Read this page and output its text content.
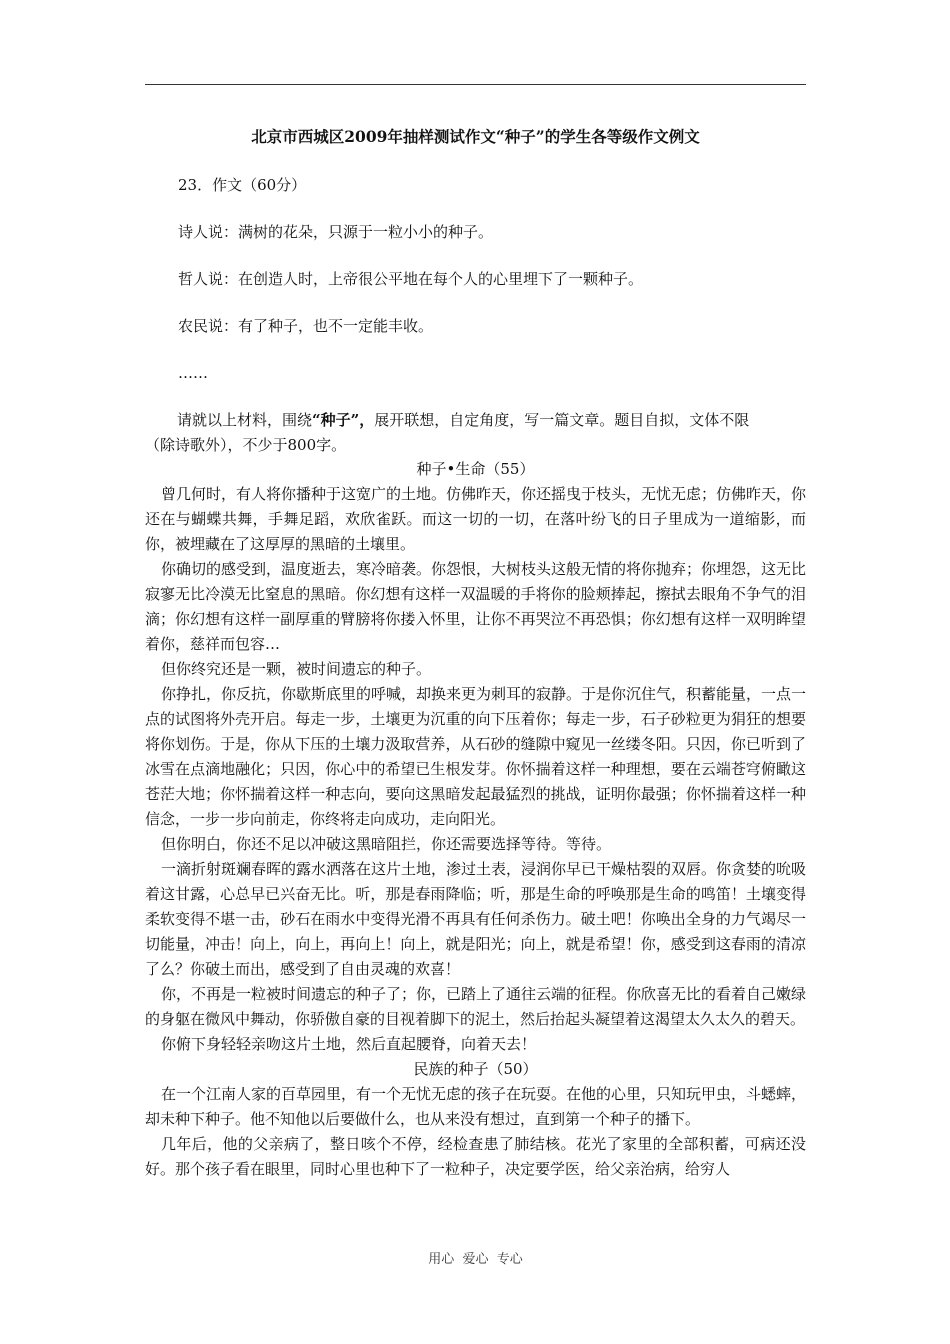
北京市西城区2009年抽样测试作文“种子”的学生各等级作文例文
23．作文（60分）
诗人说：满树的花朵，只源于一粒小小的种子。
哲人说：在创造人时，上帝很公平地在每个人的心里埋下了一颗种子。
农民说：有了种子，也不一定能丰收。
……

请就以上材料，围绕“种子”，展开联想，自定角度，写一篇文章。题目自拟，文体不限

（除诗歌外），不少于800字。

种子•生命（55）

曾几何时，有人将你播种于这宽广的土地。仿佛昨天，你还摇曳于枝头，无忧无虑；仿佛昨天，你还在与蝴蝶共舞，手舞足蹈，欢欣雀跃。而这一切的一切，在落叶纷飞的日子里成为一道缩影，而你，被埋藏在了这厚厚的黑暗的土壤里。

你确切的感受到，温度逝去，寒冷暗袭。你怨恨，大树枝头这般无情的将你抛弃；你埋怨，这无比寂寥无比冷漠无比窒息的黑暗。你幻想有这样一双温暖的手将你的脸颊捧起，擦拭去眼角不争气的泪滴；你幻想有这样一副厚重的臂膀将你搂入怀里，让你不再哭泣不再恐惧；你幻想有这样一双明眸望着你，慈祥而包容…

但你终究还是一颗，被时间遗忘的种子。

你挣扎，你反抗，你歇斯底里的呼喊，却换来更为刺耳的寂静。于是你沉住气，积蓄能量，一点一点的试图将外壳开启。每走一步，土壤更为沉重的向下压着你；每走一步，石子砂粒更为狷狂的想要将你划伤。于是，你从下压的土壤力汲取营养，从石砂的缝隙中窥见一丝缕冬阳。只因，你已听到了冰雪在点滴地融化；只因，你心中的希望已生根发芽。你怀揣着这样一种理想，要在云端苍穹俯瞰这苍茫大地；你怀揣着这样一种志向，要向这黑暗发起最猛烈的挑战，证明你最强；你怀揣着这样一种信念，一步一步向前走，你终将走向成功，走向阳光。

但你明白，你还不足以冲破这黑暗阻拦，你还需要选择等待。等待。

一滴折射斑斓春晖的露水洒落在这片土地，渗过土表，浸润你早已干燥枯裂的双唇。你贪婪的吮吸着这甘露，心总早已兴奋无比。听，那是春雨降临；听，那是生命的呼唤那是生命的鸣笛！土壤变得柔软变得不堪一击，砂石在雨水中变得光滑不再具有任何杀伤力。破土吧！你唤出全身的力气竭尽一切能量，冲击！向上，向上，再向上！向上，就是阳光；向上，就是希望！你，感受到这春雨的清凉了么？你破土而出，感受到了自由灵魂的欢喜！

你，不再是一粒被时间遗忘的种子了；你，已踏上了通往云端的征程。你欣喜无比的看着自己嫩绿的身躯在微风中舞动，你骄傲自豪的目视着脚下的泥土，然后抬起头凝望着这渴望太久太久的碧天。

你俯下身轻轻亲吻这片土地，然后直起腰脊，向着天去！

民族的种子（50）

在一个江南人家的百草园里，有一个无忧无虑的孩子在玩耍。在他的心里，只知玩甲虫，斗蟋蟀，却未种下种子。他不知他以后要做什么，也从来没有想过，直到第一个种子的播下。

几年后，他的父亲病了，整日咳个不停，经检查患了肺结核。花光了家里的全部积蓄，可病还没好。那个孩子看在眼里，同时心里也种下了一粒种子，决定要学医，给父亲治病，给穷人

用心  爱心  专心
